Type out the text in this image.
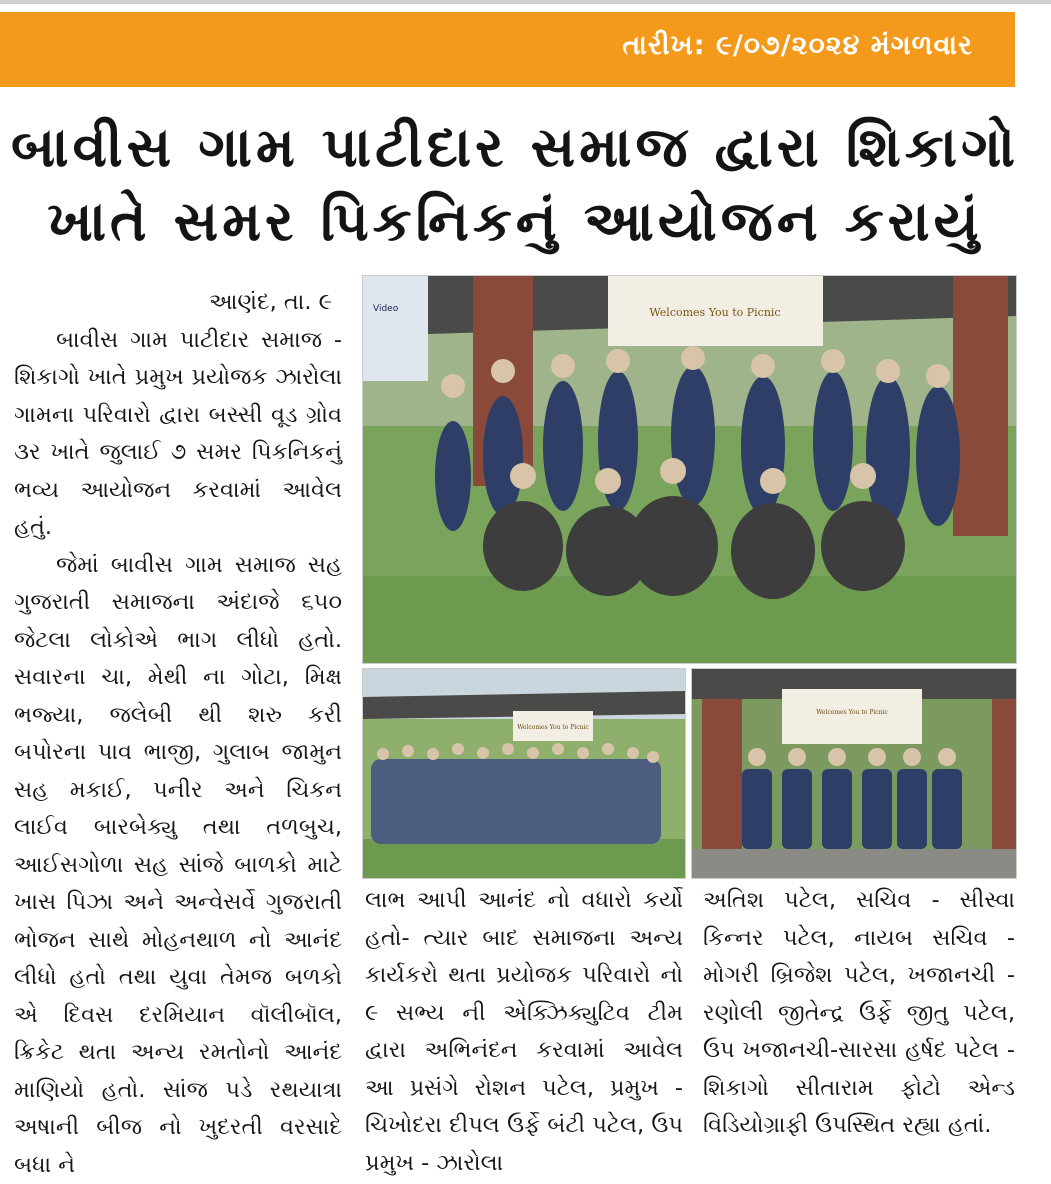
તારીખ: ૯/૦૭/૨૦૨૪ મંગળવાર
બાવીસ ગામ પાટીદાર સમાજ દ્વારા શિકાગો
ખાતે સમર પિકનિકનું આયોજન કરાયું
આણંદ, તા. ૯

બાવીસ ગામ પાટીદાર સમાજ - શિકાગો ખાતે પ્રમુખ પ્રયોજક ઝારોલા ગામના પરિવારો દ્વારા બસ્સી વૂડ ગ્રોવ ૩ર ખાતે જુલાઈ ૭ સમર પિકનિકનું ભવ્ય આયોજન કરવામાં આવેલ હતું.

જેમાં બાવીસ ગામ સમાજ સહ ગુજરાતી સમાજના અંદાજે ૬૫૦ જેટલા લોકોએ ભાગ લીધો હતો. સવારના ચા, મેથી ના ગોટા, મિક્ષ ભજ્યા, જલેબી થી શરુ કરી બપોરના પાવ ભાજી, ગુલાબ જામુન સહ મકાઈ, પનીર અને ચિકન લાઈવ બારબેક્યુ તથા તળબુચ, આઈસગોળા સહ સાંજે બાળકો માટે ખાસ પિઝા અને અન્વેસર્વે ગુજરાતી ભોજન સાથે મોહનથાળ નો આનંદ લીધો હતો તથા યુવા તેમજ બળકો એ દિવસ દરમિયાન વૉલીબૉલ, ક્રિકેટ થતા અન્ય રમતોનો આનંદ માણિયો હતો. સાંજ પડે રથયાત્રા અષાની બીજ નો ખુદરતી વરસાદે બધા ને

Welcomes You to Picnic
Video
Welcomes You to Picnic
Welcomes You to Picnic

લાભ આપી આનંદ નો વધારો કર્યો હતો- ત્યાર બાદ સમાજના અન્ય કાર્યકરો થતા પ્રયોજક પરિવારો નો ૯ સભ્ય ની એક્ઝિક્યુટિવ ટીમ દ્વારા અભિનંદન કરવામાં આવેલ આ પ્રસંગે રોશન પટેલ, પ્રમુખ - ચિખોદરા દીપલ ઉર્ફે બંટી પટેલ, ઉપ પ્રમુખ - ઝારોલા

અતિશ પટેલ, સચિવ - સીસ્વા કિન્નર પટેલ, નાયબ સચિવ - મોગરી બ્રિજેશ પટેલ, ખજાનચી - રણોલી જીતેન્દ્ર ઉર્ફે જીતુ પટેલ, ઉપ ખજાનચી-સારસા હર્ષદ પટેલ - શિકાગો સીતારામ ફોટો એન્ડ વિડિયોગ્રાફી ઉપસ્થિત રહ્યા હતાં.
